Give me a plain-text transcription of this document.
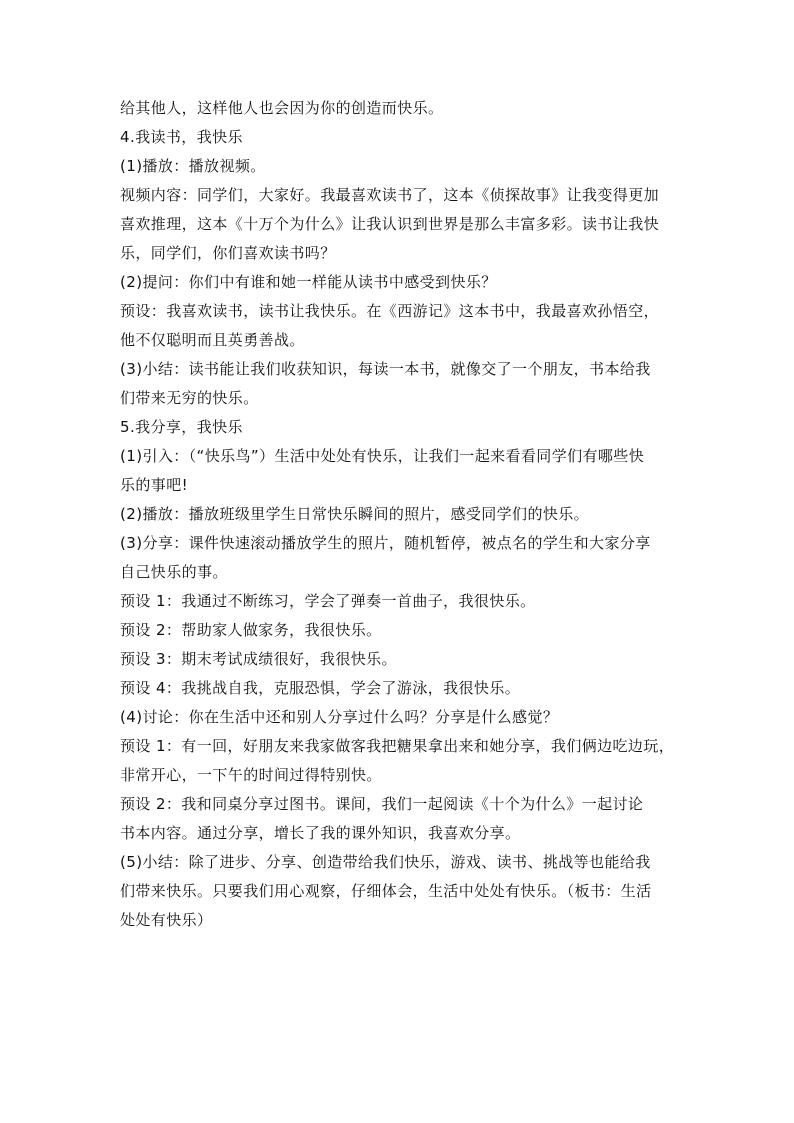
给其他人，这样他人也会因为你的创造而快乐。

4.我读书，我快乐

(1)播放：播放视频。

视频内容：同学们，大家好。我最喜欢读书了，这本《侦探故事》让我变得更加

喜欢推理，这本《十万个为什么》让我认识到世界是那么丰富多彩。读书让我快

乐，同学们，你们喜欢读书吗？

(2)提问：你们中有谁和她一样能从读书中感受到快乐？

预设：我喜欢读书，读书让我快乐。在《西游记》这本书中，我最喜欢孙悟空，

他不仅聪明而且英勇善战。

(3)小结：读书能让我们收获知识，每读一本书，就像交了一个朋友，书本给我

们带来无穷的快乐。

5.我分享，我快乐

(1)引入：（“快乐鸟”）生活中处处有快乐，让我们一起来看看同学们有哪些快

乐的事吧!

(2)播放：播放班级里学生日常快乐瞬间的照片，感受同学们的快乐。

(3)分享：课件快速滚动播放学生的照片，随机暂停，被点名的学生和大家分享

自己快乐的事。

预设 1：我通过不断练习，学会了弹奏一首曲子，我很快乐。

预设 2：帮助家人做家务，我很快乐。

预设 3：期末考试成绩很好，我很快乐。

预设 4：我挑战自我，克服恐惧，学会了游泳，我很快乐。

(4)讨论：你在生活中还和别人分享过什么吗？分享是什么感觉？

预设 1：有一回，好朋友来我家做客我把糖果拿出来和她分享，我们俩边吃边玩，

非常开心，一下午的时间过得特别快。

预设 2：我和同桌分享过图书。课间，我们一起阅读《十个为什么》一起讨论

书本内容。通过分享，增长了我的课外知识，我喜欢分享。

(5)小结：除了进步、分享、创造带给我们快乐，游戏、读书、挑战等也能给我

们带来快乐。只要我们用心观察，仔细体会，生活中处处有快乐。（板书：生活

处处有快乐）
